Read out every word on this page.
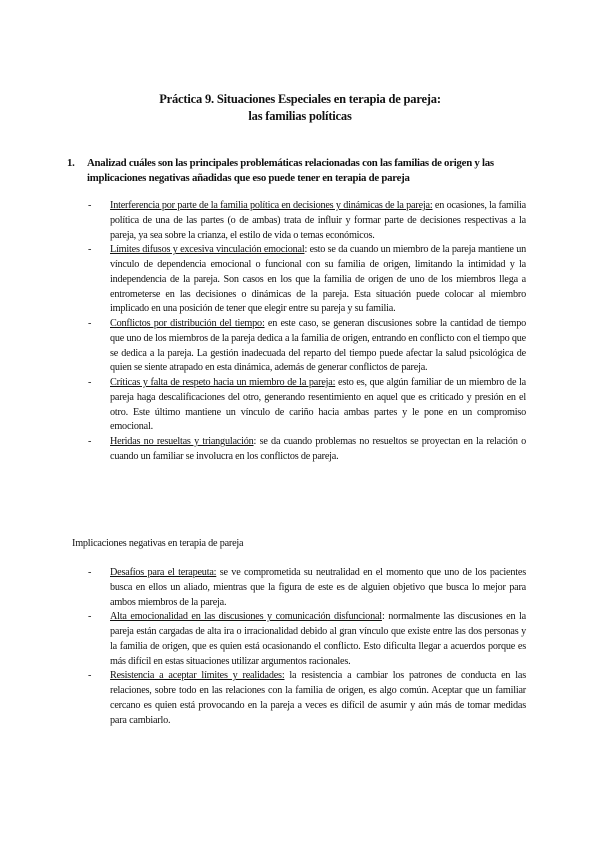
Práctica 9. Situaciones Especiales en terapia de pareja:
las familias políticas
1. Analizad cuáles son las principales problemáticas relacionadas con las familias de origen y las implicaciones negativas añadidas que eso puede tener en terapia de pareja
- Interferencia por parte de la familia política en decisiones y dinámicas de la pareja: en ocasiones, la familia política de una de las partes (o de ambas) trata de influir y formar parte de decisiones respectivas a la pareja, ya sea sobre la crianza, el estilo de vida o temas económicos.
- Límites difusos y excesiva vinculación emocional: esto se da cuando un miembro de la pareja mantiene un vínculo de dependencia emocional o funcional con su familia de origen, limitando la intimidad y la independencia de la pareja. Son casos en los que la familia de origen de uno de los miembros llega a entrometerse en las decisiones o dinámicas de la pareja. Esta situación puede colocar al miembro implicado en una posición de tener que elegir entre su pareja y su familia.
- Conflictos por distribución del tiempo: en este caso, se generan discusiones sobre la cantidad de tiempo que uno de los miembros de la pareja dedica a la familia de origen, entrando en conflicto con el tiempo que se dedica a la pareja. La gestión inadecuada del reparto del tiempo puede afectar la salud psicológica de quien se siente atrapado en esta dinámica, además de generar conflictos de pareja.
- Críticas y falta de respeto hacia un miembro de la pareja: esto es, que algún familiar de un miembro de la pareja haga descalificaciones del otro, generando resentimiento en aquel que es criticado y presión en el otro. Este último mantiene un vínculo de cariño hacia ambas partes y le pone en un compromiso emocional.
- Heridas no resueltas y triangulación: se da cuando problemas no resueltos se proyectan en la relación o cuando un familiar se involucra en los conflictos de pareja.
Implicaciones negativas en terapia de pareja
- Desafíos para el terapeuta: se ve comprometida su neutralidad en el momento que uno de los pacientes busca en ellos un aliado, mientras que la figura de este es de alguien objetivo que busca lo mejor para ambos miembros de la pareja.
- Alta emocionalidad en las discusiones y comunicación disfuncional: normalmente las discusiones en la pareja están cargadas de alta ira o irracionalidad debido al gran vínculo que existe entre las dos personas y la familia de origen, que es quien está ocasionando el conflicto. Esto dificulta llegar a acuerdos porque es más difícil en estas situaciones utilizar argumentos racionales.
- Resistencia a aceptar límites y realidades: la resistencia a cambiar los patrones de conducta en las relaciones, sobre todo en las relaciones con la familia de origen, es algo común. Aceptar que un familiar cercano es quien está provocando en la pareja a veces es difícil de asumir y aún más de tomar medidas para cambiarlo.
